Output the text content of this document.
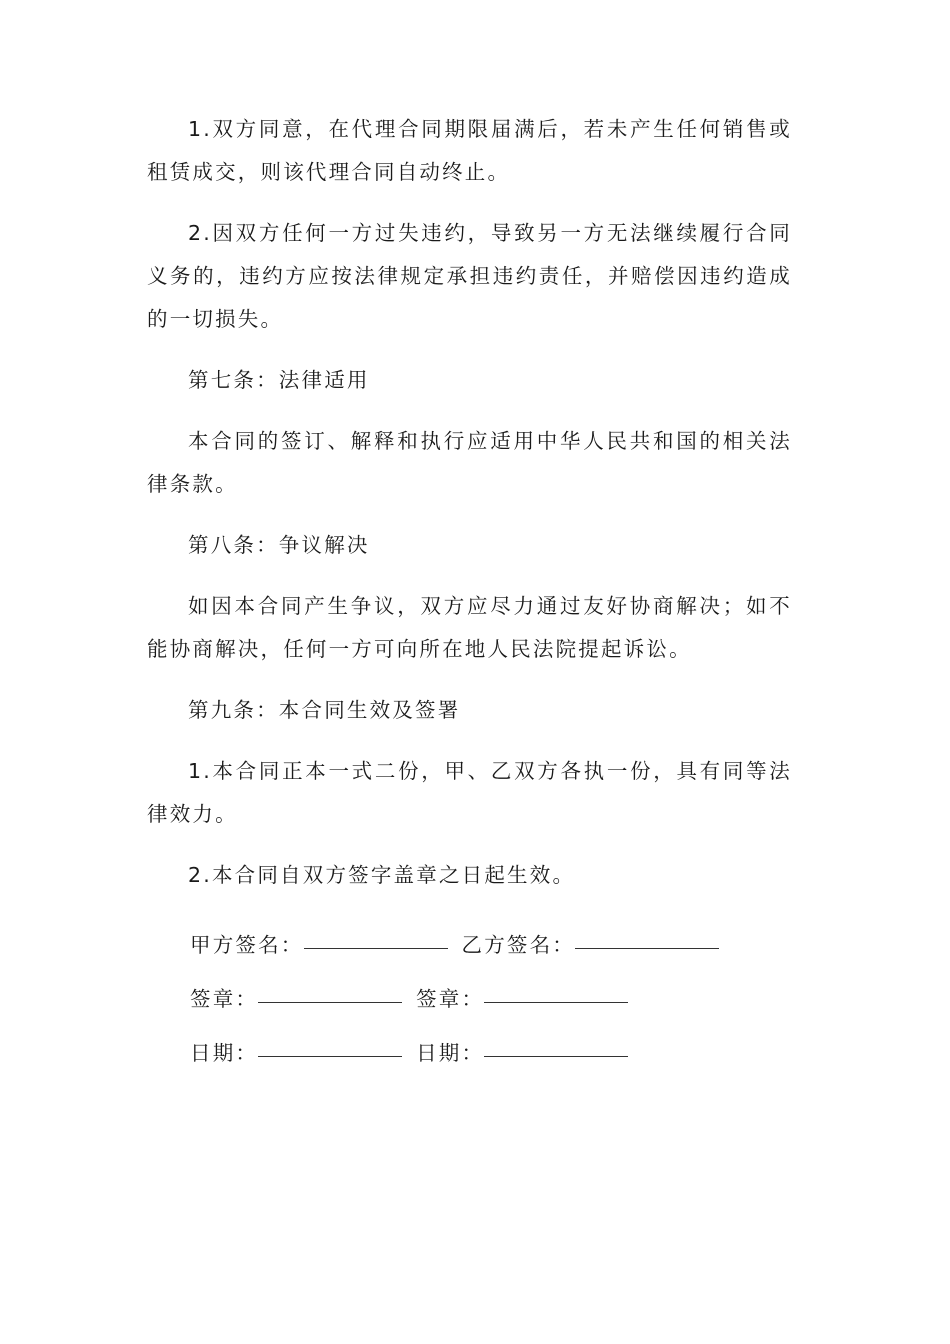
1.双方同意，在代理合同期限届满后，若未产生任何销售或租赁成交，则该代理合同自动终止。

2.因双方任何一方过失违约，导致另一方无法继续履行合同义务的，违约方应按法律规定承担违约责任，并赔偿因违约造成的一切损失。

第七条：法律适用

本合同的签订、解释和执行应适用中华人民共和国的相关法律条款。

第八条：争议解决

如因本合同产生争议，双方应尽力通过友好协商解决；如不能协商解决，任何一方可向所在地人民法院提起诉讼。

第九条：本合同生效及签署

1.本合同正本一式二份，甲、乙双方各执一份，具有同等法律效力。

2.本合同自双方签字盖章之日起生效。

甲方签名：	乙方签名：
签章：	签章：
日期：	日期：
